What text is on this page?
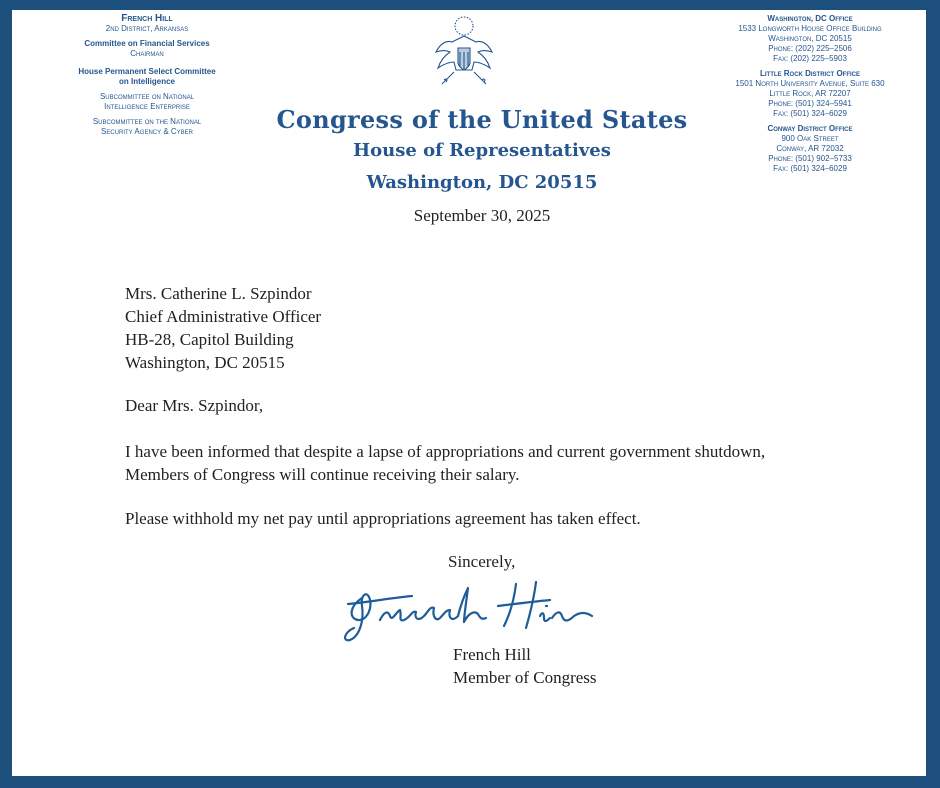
French Hill
2nd District, Arkansas
Committee on Financial Services
Chairman
House Permanent Select Committee
on Intelligence
Subcommittee on National
Intelligence Enterprise
Subcommittee on the National
Security Agency & Cyber	Congress of the United States
House of Representatives
Washington, DC 20515
Washington, DC Office
1533 Longworth House Office Building
Washington, DC 20515
Phone: (202) 225–2506
Fax: (202) 225–5903
Little Rock District Office
1501 North University Avenue, Suite 630
Little Rock, AR 72207
Phone: (501) 324–5941
Fax: (501) 324–6029
Conway District Office
900 Oak Street
Conway, AR 72032
Phone: (501) 902–5733
Fax: (501) 324–6029
September 30, 2025
Mrs. Catherine L. Szpindor
Chief Administrative Officer
HB-28, Capitol Building
Washington, DC 20515
Dear Mrs. Szpindor,
I have been informed that despite a lapse of appropriations and current government shutdown,
Members of Congress will continue receiving their salary.
Please withhold my net pay until appropriations agreement has taken effect.
Sincerely,
French Hill
Member of Congress
